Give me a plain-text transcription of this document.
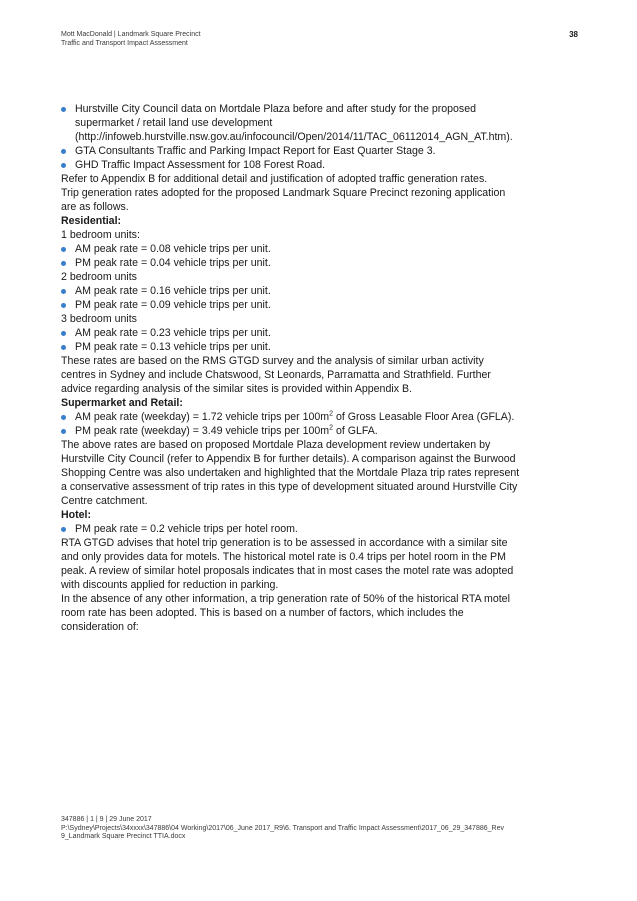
Mott MacDonald | Landmark Square Precinct
Traffic and Transport Impact Assessment
38

Hurstville City Council data on Mortdale Plaza before and after study for the proposed supermarket / retail land use development (http://infoweb.hurstville.nsw.gov.au/infocouncil/Open/2014/11/TAC_06112014_AGN_AT.htm).

GTA Consultants Traffic and Parking Impact Report for East Quarter Stage 3.

GHD Traffic Impact Assessment for 108 Forest Road.

Refer to Appendix B for additional detail and justification of adopted traffic generation rates.

Trip generation rates adopted for the proposed Landmark Square Precinct rezoning application are as follows.

Residential:

1 bedroom units:

AM peak rate = 0.08 vehicle trips per unit.

PM peak rate = 0.04 vehicle trips per unit.

2 bedroom units

AM peak rate = 0.16 vehicle trips per unit.

PM peak rate = 0.09 vehicle trips per unit.

3 bedroom units

AM peak rate = 0.23 vehicle trips per unit.

PM peak rate = 0.13 vehicle trips per unit.

These rates are based on the RMS GTGD survey and the analysis of similar urban activity centres in Sydney and include Chatswood, St Leonards, Parramatta and Strathfield. Further advice regarding analysis of the similar sites is provided within Appendix B.

Supermarket and Retail:

AM peak rate (weekday) = 1.72 vehicle trips per $100m^2$ of Gross Leasable Floor Area (GFLA).

PM peak rate (weekday) = 3.49 vehicle trips per $100m^2$ of GLFA.

The above rates are based on proposed Mortdale Plaza development review undertaken by Hurstville City Council (refer to Appendix B for further details). A comparison against the Burwood Shopping Centre was also undertaken and highlighted that the Mortdale Plaza trip rates represent a conservative assessment of trip rates in this type of development situated around Hurstville City Centre catchment.

Hotel:

PM peak rate = 0.2 vehicle trips per hotel room.

RTA GTGD advises that hotel trip generation is to be assessed in accordance with a similar site and only provides data for motels. The historical motel rate is 0.4 trips per hotel room in the PM peak. A review of similar hotel proposals indicates that in most cases the motel rate was adopted with discounts applied for reduction in parking.

In the absence of any other information, a trip generation rate of 50% of the historical RTA motel room rate has been adopted. This is based on a number of factors, which includes the consideration of:

347886 | 1 | 9 | 29 June 2017
P:\Sydney\Projects\34xxxx\347886\04 Working\2017\06_June 2017_R9\6. Transport and Traffic Impact Assessment\2017_06_29_347886_Rev 9_Landmark Square Precinct TTIA.docx
